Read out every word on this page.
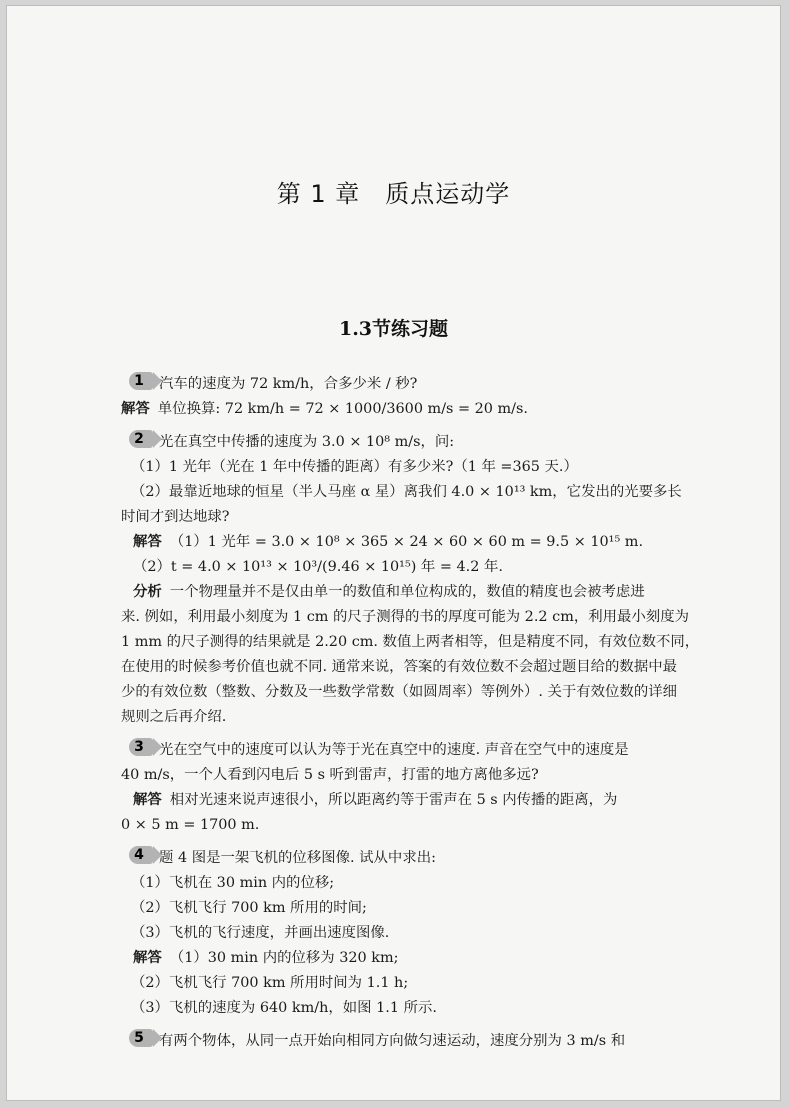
第 1 章　质点运动学
1.3节练习题

1	汽车的速度为 72 km/h，合多少米 / 秒?

解答 单位换算: 72 km/h = 72 × 1000/3600 m/s = 20 m/s.

2	光在真空中传播的速度为 3.0 × 10⁸ m/s，问:

（1）1 光年（光在 1 年中传播的距离）有多少米?（1 年 =365 天.）

（2）最靠近地球的恒星（半人马座 α 星）离我们 4.0 × 10¹³ km，它发出的光要多长

时间才到达地球?

解答 （1）1 光年 = 3.0 × 10⁸ × 365 × 24 × 60 × 60 m = 9.5 × 10¹⁵ m.

（2）t = 4.0 × 10¹³ × 10³/(9.46 × 10¹⁵) 年 = 4.2 年.

分析 一个物理量并不是仅由单一的数值和单位构成的，数值的精度也会被考虑进

来. 例如，利用最小刻度为 1 cm 的尺子测得的书的厚度可能为 2.2 cm，利用最小刻度为

1 mm 的尺子测得的结果就是 2.20 cm. 数值上两者相等，但是精度不同，有效位数不同，

在使用的时候参考价值也就不同. 通常来说，答案的有效位数不会超过题目给的数据中最

少的有效位数（整数、分数及一些数学常数（如圆周率）等例外）. 关于有效位数的详细

规则之后再介绍.

3	光在空气中的速度可以认为等于光在真空中的速度. 声音在空气中的速度是

40 m/s，一个人看到闪电后 5 s 听到雷声，打雷的地方离他多远?

解答 相对光速来说声速很小，所以距离约等于雷声在 5 s 内传播的距离，为

0 × 5 m = 1700 m.

4	题 4 图是一架飞机的位移图像. 试从中求出:

（1）飞机在 30 min 内的位移;

（2）飞机飞行 700 km 所用的时间;

（3）飞机的飞行速度，并画出速度图像.

解答 （1）30 min 内的位移为 320 km;

（2）飞机飞行 700 km 所用时间为 1.1 h;

（3）飞机的速度为 640 km/h，如图 1.1 所示.

5	有两个物体，从同一点开始向相同方向做匀速运动，速度分别为 3 m/s 和
